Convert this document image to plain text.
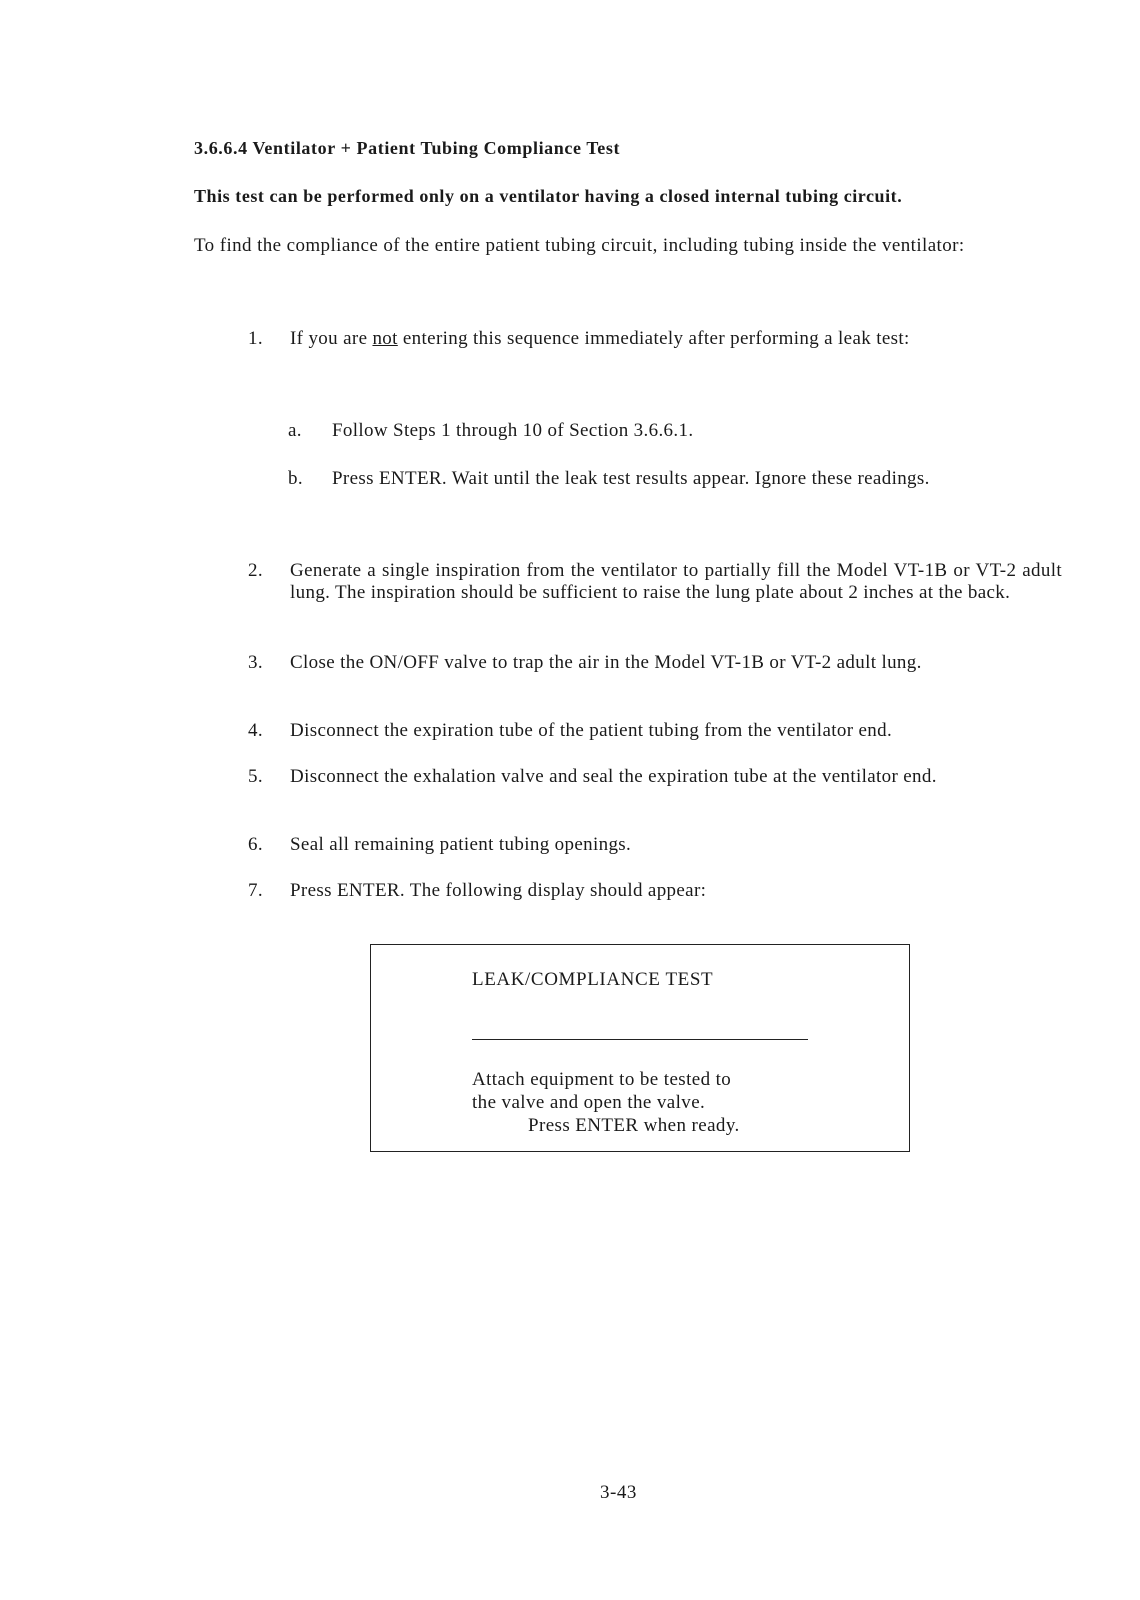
3.6.6.4 Ventilator + Patient Tubing Compliance Test
This test can be performed only on a ventilator having a closed internal tubing circuit.
To find the compliance of the entire patient tubing circuit, including tubing inside the ventilator:
1. If you are not entering this sequence immediately after performing a leak test:
a. Follow Steps 1 through 10 of Section 3.6.6.1.
b. Press ENTER. Wait until the leak test results appear. Ignore these readings.
2. Generate a single inspiration from the ventilator to partially fill the Model VT-1B or VT-2 adult lung. The inspiration should be sufficient to raise the lung plate about 2 inches at the back.
3. Close the ON/OFF valve to trap the air in the Model VT-1B or VT-2 adult lung.
4. Disconnect the expiration tube of the patient tubing from the ventilator end.
5. Disconnect the exhalation valve and seal the expiration tube at the ventilator end.
6. Seal all remaining patient tubing openings.
7. Press ENTER. The following display should appear:
LEAK/COMPLIANCE TEST
Attach equipment to be tested to
the valve and open the valve.
Press ENTER when ready.
3-43
